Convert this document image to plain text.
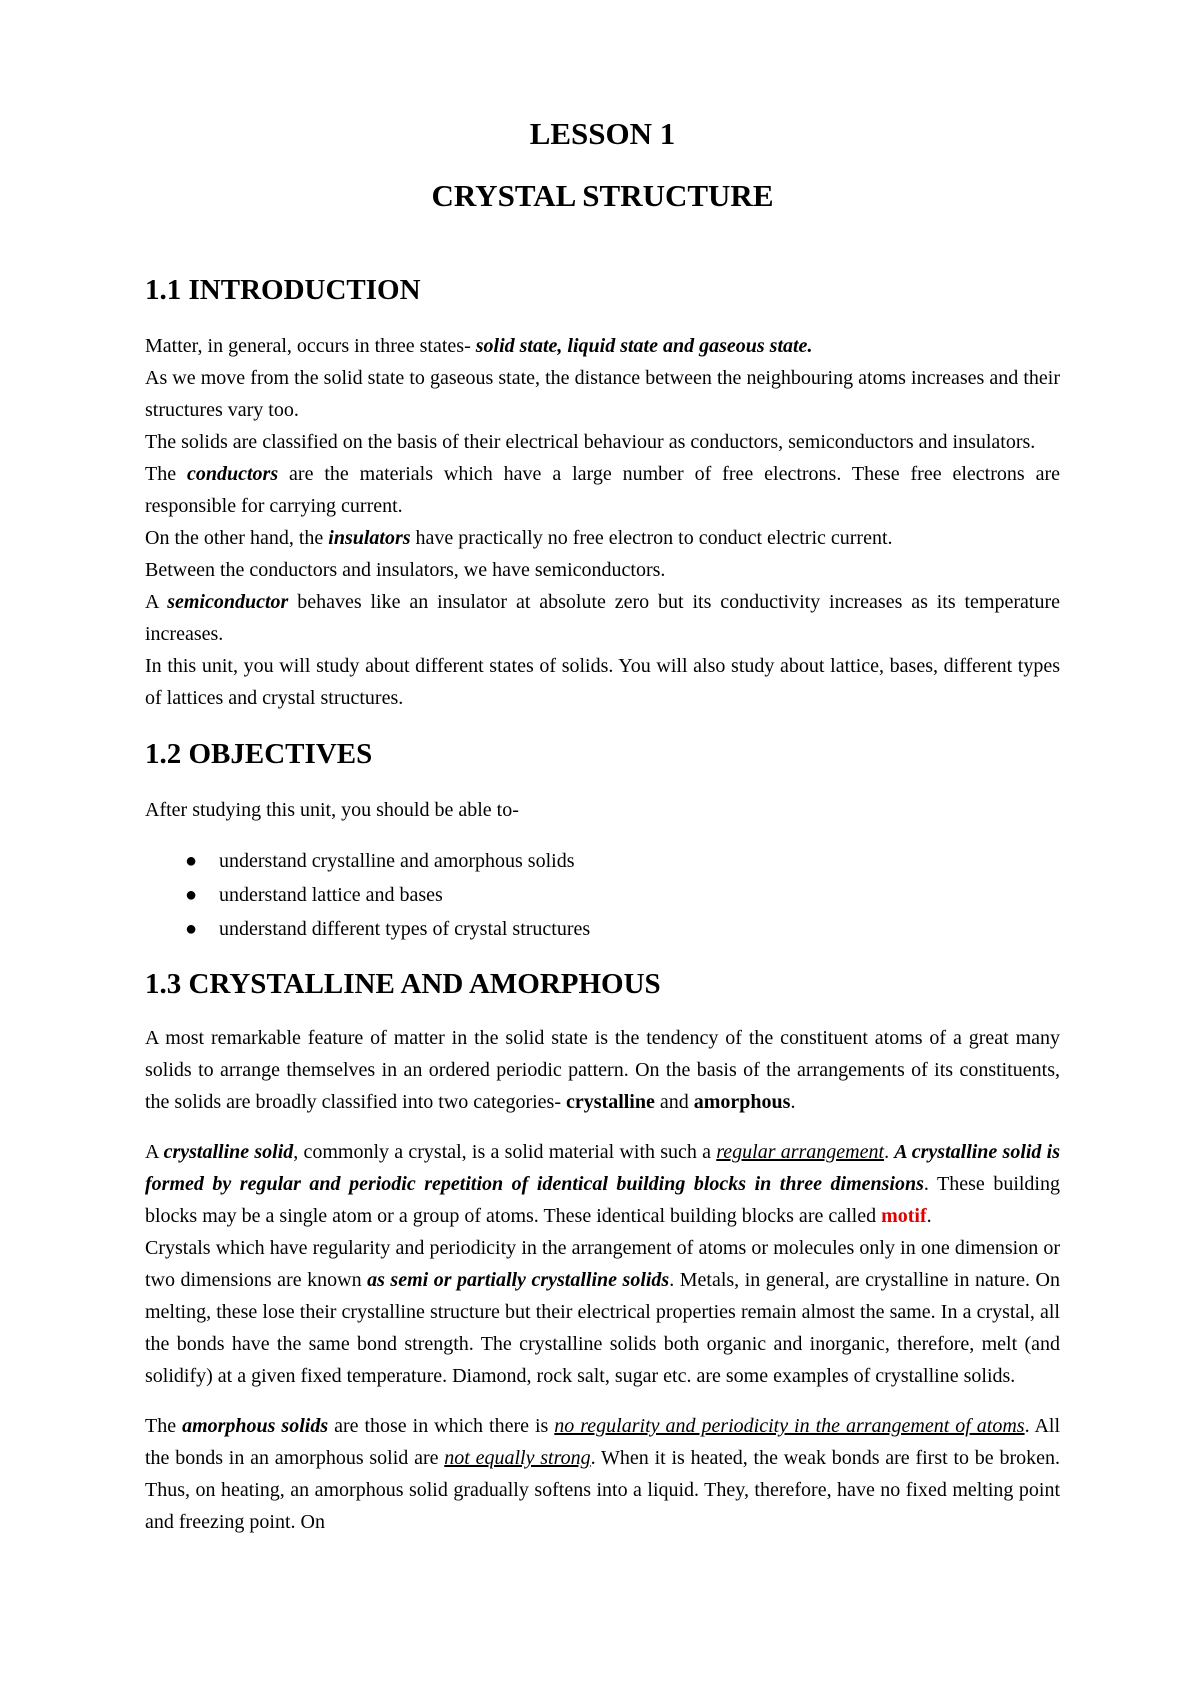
LESSON 1
CRYSTAL STRUCTURE
1.1 INTRODUCTION

Matter, in general, occurs in three states- solid state, liquid state and gaseous state.

As we move from the solid state to gaseous state, the distance between the neighbouring atoms increases and their structures vary too.

The solids are classified on the basis of their electrical behaviour as conductors, semiconductors and insulators.

The conductors are the materials which have a large number of free electrons. These free electrons are responsible for carrying current.

On the other hand, the insulators have practically no free electron to conduct electric current.

Between the conductors and insulators, we have semiconductors.

A semiconductor behaves like an insulator at absolute zero but its conductivity increases as its temperature increases.

In this unit, you will study about different states of solids. You will also study about lattice, bases, different types of lattices and crystal structures.

1.2 OBJECTIVES

After studying this unit, you should be able to-

● understand crystalline and amorphous solids
● understand lattice and bases
● understand different types of crystal structures
1.3 CRYSTALLINE AND AMORPHOUS

A most remarkable feature of matter in the solid state is the tendency of the constituent atoms of a great many solids to arrange themselves in an ordered periodic pattern. On the basis of the arrangements of its constituents, the solids are broadly classified into two categories- crystalline and amorphous.

A crystalline solid, commonly a crystal, is a solid material with such a regular arrangement. A crystalline solid is formed by regular and periodic repetition of identical building blocks in three dimensions. These building blocks may be a single atom or a group of atoms. These identical building blocks are called motif.

Crystals which have regularity and periodicity in the arrangement of atoms or molecules only in one dimension or two dimensions are known as semi or partially crystalline solids. Metals, in general, are crystalline in nature. On melting, these lose their crystalline structure but their electrical properties remain almost the same. In a crystal, all the bonds have the same bond strength. The crystalline solids both organic and inorganic, therefore, melt (and solidify) at a given fixed temperature. Diamond, rock salt, sugar etc. are some examples of crystalline solids.

The amorphous solids are those in which there is no regularity and periodicity in the arrangement of atoms. All the bonds in an amorphous solid are not equally strong. When it is heated, the weak bonds are first to be broken. Thus, on heating, an amorphous solid gradually softens into a liquid. They, therefore, have no fixed melting point and freezing point. On
